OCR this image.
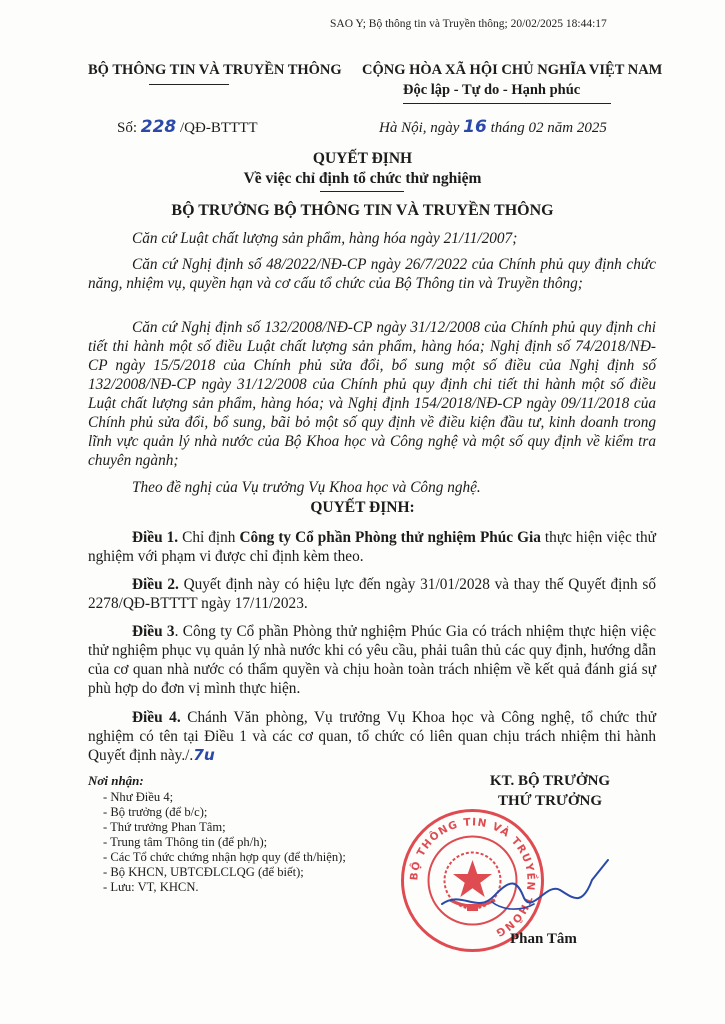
SAO Y; Bộ thông tin và Truyền thông; 20/02/2025 18:44:17
BỘ THÔNG TIN VÀ TRUYỀN THÔNG CỘNG HÒA XÃ HỘI CHỦ NGHĨA VIỆT NAM
Độc lập - Tự do - Hạnh phúc
Số: 228 /QĐ-BTTTT	Hà Nội, ngày 16 tháng 02 năm 2025
QUYẾT ĐỊNH
Về việc chỉ định tổ chức thử nghiệm
BỘ TRƯỞNG BỘ THÔNG TIN VÀ TRUYỀN THÔNG
Căn cứ Luật chất lượng sản phẩm, hàng hóa ngày 21/11/2007;
Căn cứ Nghị định số 48/2022/NĐ-CP ngày 26/7/2022 của Chính phủ quy định chức năng, nhiệm vụ, quyền hạn và cơ cấu tổ chức của Bộ Thông tin và Truyền thông;
Căn cứ Nghị định số 132/2008/NĐ-CP ngày 31/12/2008 của Chính phủ quy định chi tiết thi hành một số điều Luật chất lượng sản phẩm, hàng hóa; Nghị định số 74/2018/NĐ-CP ngày 15/5/2018 của Chính phủ sửa đổi, bổ sung một số điều của Nghị định số 132/2008/NĐ-CP ngày 31/12/2008 của Chính phủ quy định chi tiết thi hành một số điều Luật chất lượng sản phẩm, hàng hóa; và Nghị định 154/2018/NĐ-CP ngày 09/11/2018 của Chính phủ sửa đổi, bổ sung, bãi bỏ một số quy định về điều kiện đầu tư, kinh doanh trong lĩnh vực quản lý nhà nước của Bộ Khoa học và Công nghệ và một số quy định về kiểm tra chuyên ngành;
Theo đề nghị của Vụ trưởng Vụ Khoa học và Công nghệ.
QUYẾT ĐỊNH:
Điều 1. Chỉ định Công ty Cổ phần Phòng thử nghiệm Phúc Gia thực hiện việc thử nghiệm với phạm vi được chỉ định kèm theo.
Điều 2. Quyết định này có hiệu lực đến ngày 31/01/2028 và thay thế Quyết định số 2278/QĐ-BTTTT ngày 17/11/2023.
Điều 3. Công ty Cổ phần Phòng thử nghiệm Phúc Gia có trách nhiệm thực hiện việc thử nghiệm phục vụ quản lý nhà nước khi có yêu cầu, phải tuân thủ các quy định, hướng dẫn của cơ quan nhà nước có thẩm quyền và chịu hoàn toàn trách nhiệm về kết quả đánh giá sự phù hợp do đơn vị mình thực hiện.
Điều 4. Chánh Văn phòng, Vụ trưởng Vụ Khoa học và Công nghệ, tổ chức thử nghiệm có tên tại Điều 1 và các cơ quan, tổ chức có liên quan chịu trách nhiệm thi hành Quyết định này./.7u
Nơi nhận:
- Như Điều 4;
- Bộ trưởng (để b/c);
- Thứ trưởng Phan Tâm;
- Trung tâm Thông tin (để ph/h);
- Các Tổ chức chứng nhận hợp quy (để th/hiện);
- Bộ KHCN, UBTCĐLCLQG (để biết);
- Lưu: VT, KHCN.
KT. BỘ TRƯỞNG
THỨ TRƯỞNG
BỘ THÔNG TIN VÀ TRUYỀN THÔNG Phan Tâm
